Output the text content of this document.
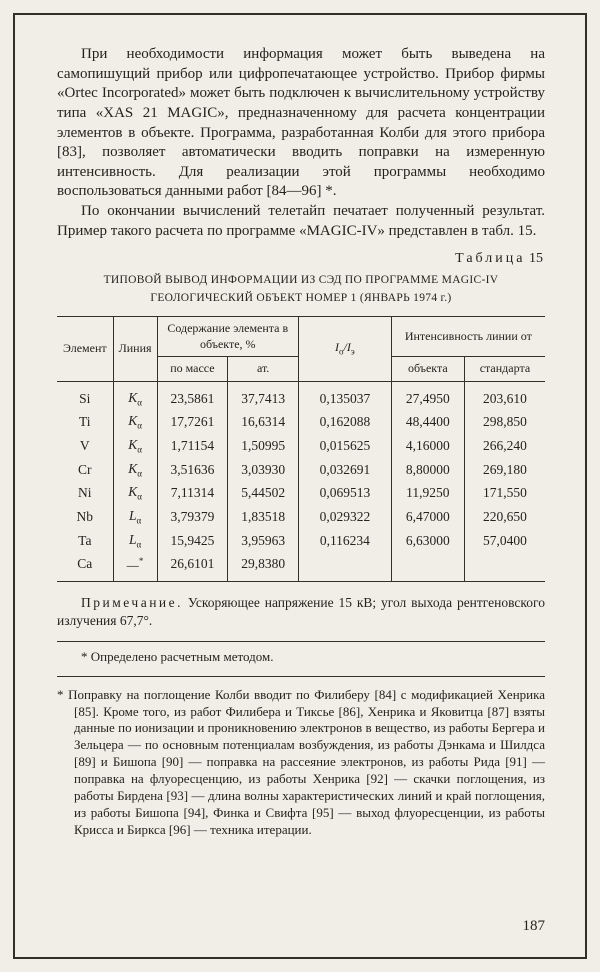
При необходимости информация может быть выведена на самопишущий прибор или цифропечатающее устройство. Прибор фирмы «Ortec Incorporated» может быть подключен к вычислительному устройству типа «XAS 21 MAGIC», предназначенному для расчета концентрации элементов в объекте. Программа, разработанная Колби для этого прибора [83], позволяет автоматически вводить поправки на измеренную интенсивность. Для реализации этой программы необходимо воспользоваться данными работ [84—96] *.

По окончании вычислений телетайп печатает полученный результат. Пример такого расчета по программе «MAGIC-IV» представлен в табл. 15.

Таблица 15
ТИПОВОЙ ВЫВОД ИНФОРМАЦИИ ИЗ СЭД ПО ПРОГРАММЕ MAGIC-IV
ГЕОЛОГИЧЕСКИЙ ОБЪЕКТ НОМЕР 1 (ЯНВАРЬ 1974 г.)
Элемент	Линия	Содержание элемента в объекте, %		$I_о/I_э$	Интенсивность линии от	
		по массе	ат.		объекта	стандарта
Si	$K_\alpha$	23,5861	37,7413	0,135037	27,4950	203,610
Ti	$K_\alpha$	17,7261	16,6314	0,162088	48,4400	298,850
V	$K_\alpha$	1,71154	1,50995	0,015625	4,16000	266,240
Cr	$K_\alpha$	3,51636	3,03930	0,032691	8,80000	269,180
Ni	$K_\alpha$	7,11314	5,44502	0,069513	11,9250	171,550
Nb	$L_\alpha$	3,79379	1,83518	0,029322	6,47000	220,650
Ta	$L_\alpha$	15,9425	3,95963	0,116234	6,63000	57,0400
Ca	—*	26,6101	29,8380			

Примечание. Ускоряющее напряжение 15 кВ; угол выхода рентгеновского излучения 67,7°.

* Определено расчетным методом.

* Поправку на поглощение Колби вводит по Филиберу [84] с модификацией Хенрика [85]. Кроме того, из работ Филибера и Тиксье [86], Хенрика и Яковитца [87] взяты данные по ионизации и проникновению электронов в вещество, из работы Бергера и Зельцера — по основным потенциалам возбуждения, из работы Дэнкама и Шилдса [89] и Бишопа [90] — поправка на рассеяние электронов, из работы Рида [91] — поправка на флуоресценцию, из работы Хенрика [92] — скачки поглощения, из работы Бирдена [93] — длина волны характеристических линий и край поглощения, из работы Бишопа [94], Финка и Свифта [95] — выход флуоресценции, из работы Крисса и Биркса [96] — техника итерации.

187
